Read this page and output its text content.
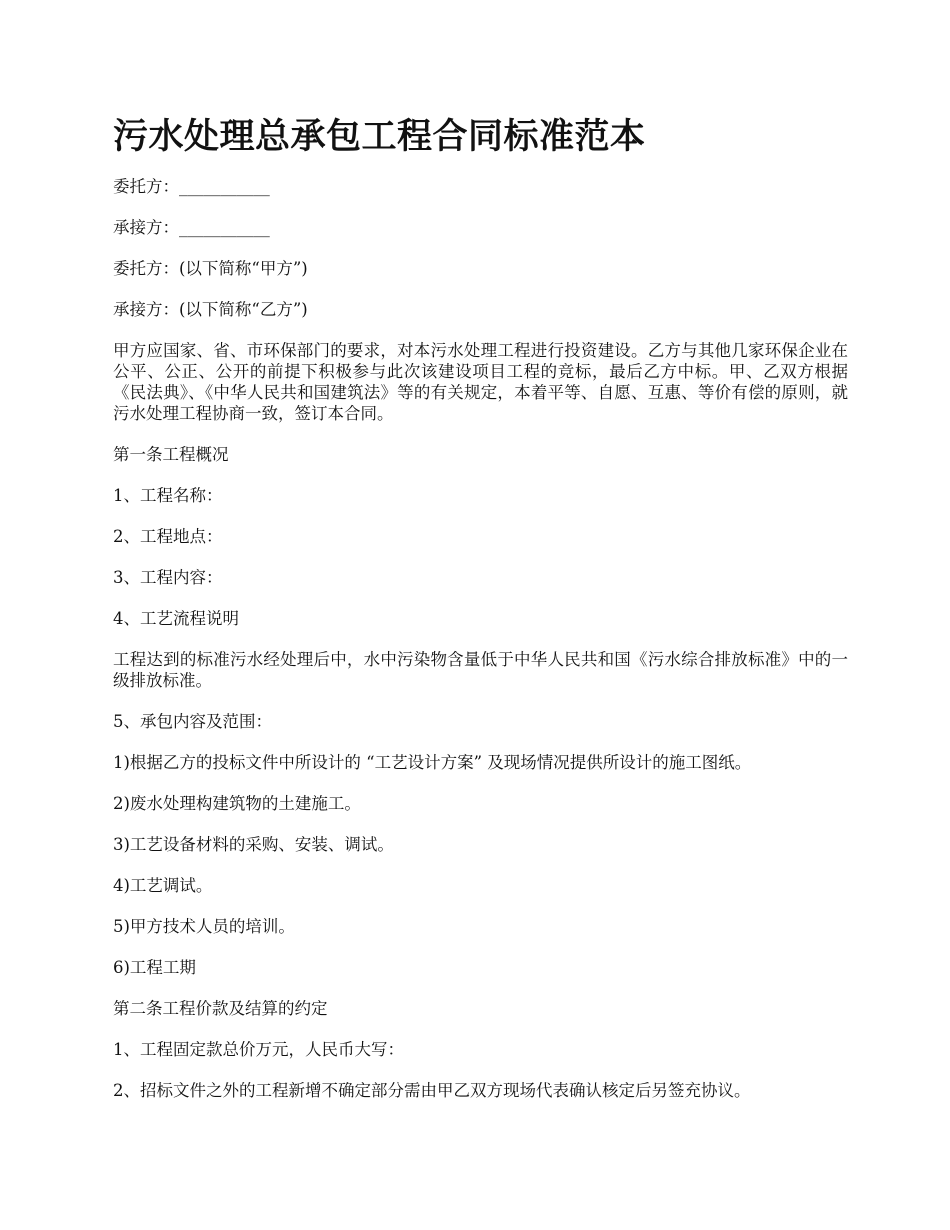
污水处理总承包工程合同标准范本

委托方：___________

承接方：___________

委托方：(以下简称“甲方”)

承接方：(以下简称“乙方”)

甲方应国家、省、市环保部门的要求，对本污水处理工程进行投资建设。乙方与其他几家环保企业在公平、公正、公开的前提下积极参与此次该建设项目工程的竞标，最后乙方中标。甲、乙双方根据《民法典》、《中华人民共和国建筑法》等的有关规定，本着平等、自愿、互惠、等价有偿的原则，就污水处理工程协商一致，签订本合同。

第一条工程概况

1、工程名称：

2、工程地点：

3、工程内容：

4、工艺流程说明

工程达到的标准污水经处理后中，水中污染物含量低于中华人民共和国《污水综合排放标准》中的一级排放标准。

5、承包内容及范围：

1)根据乙方的投标文件中所设计的 “工艺设计方案” 及现场情况提供所设计的施工图纸。

2)废水处理构建筑物的土建施工。

3)工艺设备材料的采购、安装、调试。

4)工艺调试。

5)甲方技术人员的培训。

6)工程工期

第二条工程价款及结算的约定

1、工程固定款总价万元，人民币大写：

2、招标文件之外的工程新增不确定部分需由甲乙双方现场代表确认核定后另签充协议。
